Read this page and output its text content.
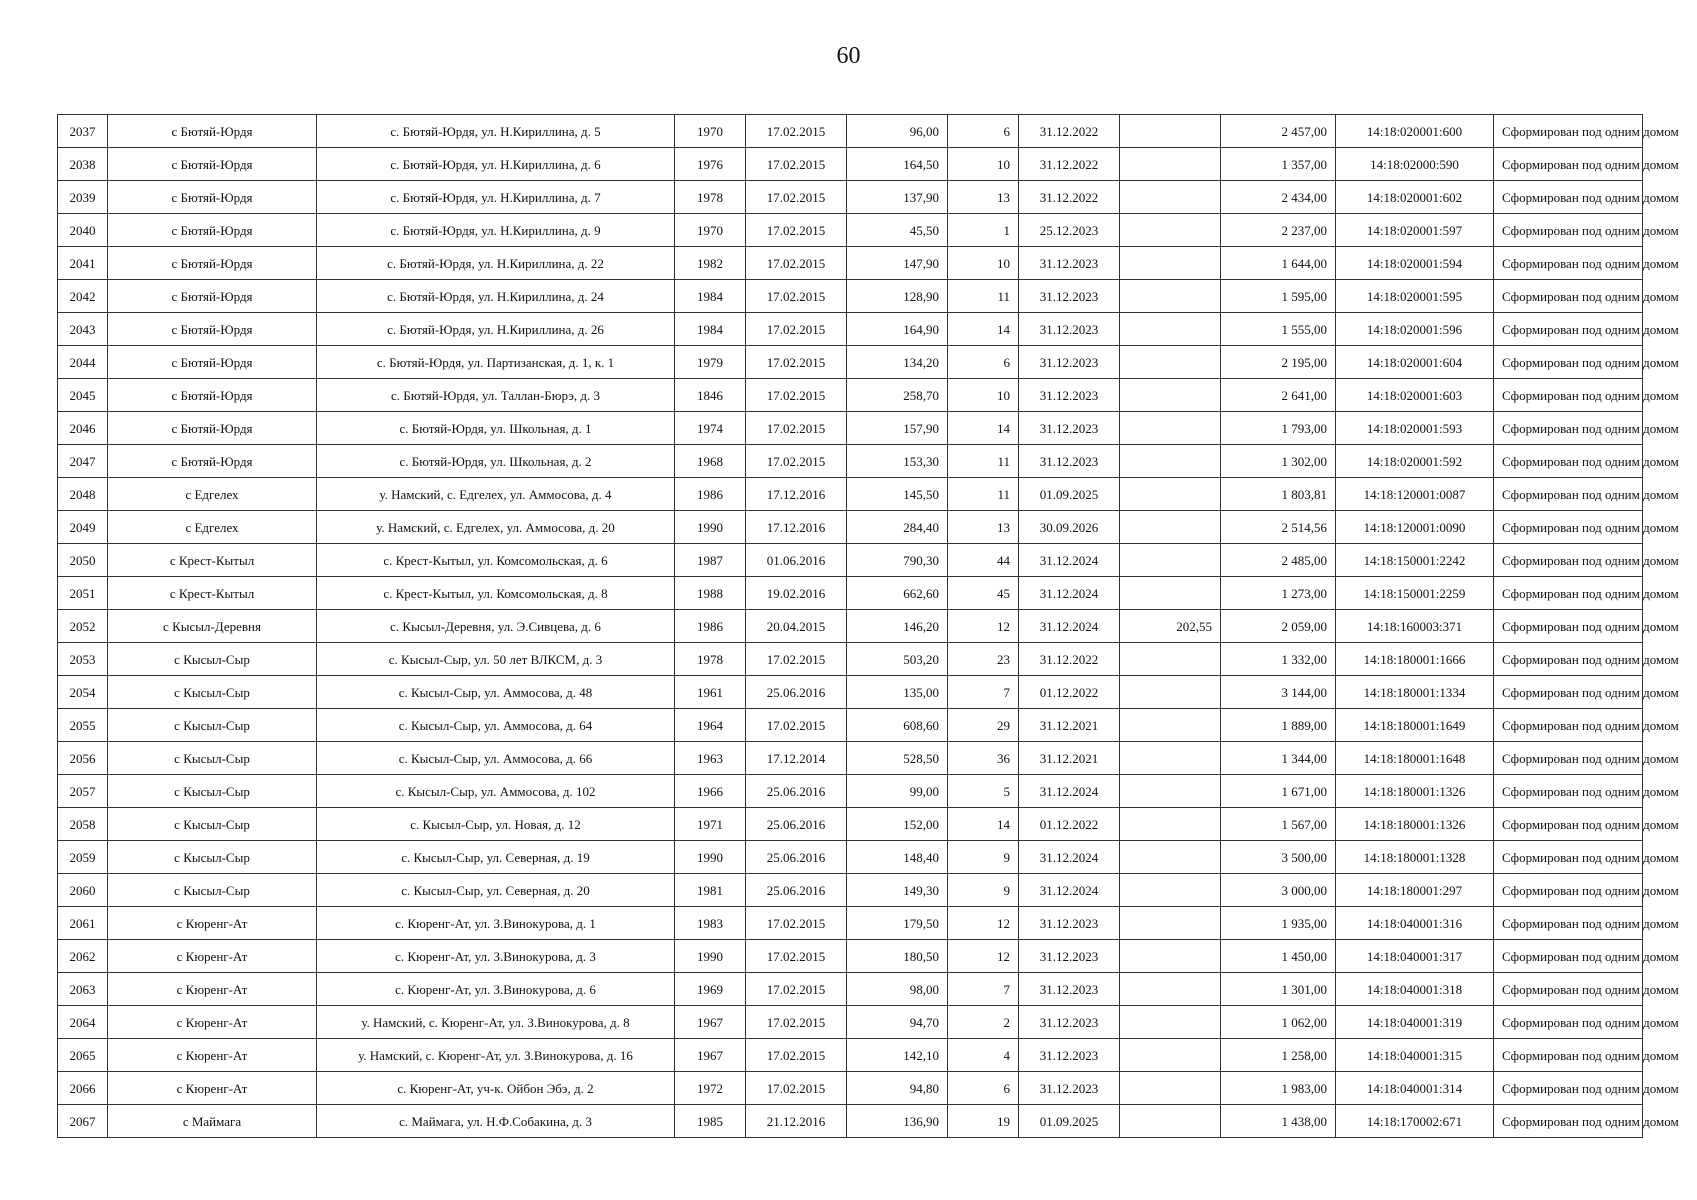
60
2037	с Бютяй-Юрдя	с. Бютяй-Юрдя, ул. Н.Кириллина, д. 5	1970	17.02.2015	96,00	6	31.12.2022		2 457,00	14:18:020001:600	Сформирован под одним домом
2038	с Бютяй-Юрдя	с. Бютяй-Юрдя, ул. Н.Кириллина, д. 6	1976	17.02.2015	164,50	10	31.12.2022		1 357,00	14:18:02000:590	Сформирован под одним домом
2039	с Бютяй-Юрдя	с. Бютяй-Юрдя, ул. Н.Кириллина, д. 7	1978	17.02.2015	137,90	13	31.12.2022		2 434,00	14:18:020001:602	Сформирован под одним домом
2040	с Бютяй-Юрдя	с. Бютяй-Юрдя, ул. Н.Кириллина, д. 9	1970	17.02.2015	45,50	1	25.12.2023		2 237,00	14:18:020001:597	Сформирован под одним домом
2041	с Бютяй-Юрдя	с. Бютяй-Юрдя, ул. Н.Кириллина, д. 22	1982	17.02.2015	147,90	10	31.12.2023		1 644,00	14:18:020001:594	Сформирован под одним домом
2042	с Бютяй-Юрдя	с. Бютяй-Юрдя, ул. Н.Кириллина, д. 24	1984	17.02.2015	128,90	11	31.12.2023		1 595,00	14:18:020001:595	Сформирован под одним домом
2043	с Бютяй-Юрдя	с. Бютяй-Юрдя, ул. Н.Кириллина, д. 26	1984	17.02.2015	164,90	14	31.12.2023		1 555,00	14:18:020001:596	Сформирован под одним домом
2044	с Бютяй-Юрдя	с. Бютяй-Юрдя, ул. Партизанская, д. 1, к. 1	1979	17.02.2015	134,20	6	31.12.2023		2 195,00	14:18:020001:604	Сформирован под одним домом
2045	с Бютяй-Юрдя	с. Бютяй-Юрдя, ул. Таллан-Бюрэ, д. 3	1846	17.02.2015	258,70	10	31.12.2023		2 641,00	14:18:020001:603	Сформирован под одним домом
2046	с Бютяй-Юрдя	с. Бютяй-Юрдя, ул. Школьная, д. 1	1974	17.02.2015	157,90	14	31.12.2023		1 793,00	14:18:020001:593	Сформирован под одним домом
2047	с Бютяй-Юрдя	с. Бютяй-Юрдя, ул. Школьная, д. 2	1968	17.02.2015	153,30	11	31.12.2023		1 302,00	14:18:020001:592	Сформирован под одним домом
2048	с Едгелех	у. Намский, с. Едгелех, ул. Аммосова, д. 4	1986	17.12.2016	145,50	11	01.09.2025		1 803,81	14:18:120001:0087	Сформирован под одним домом
2049	с Едгелех	у. Намский, с. Едгелех, ул. Аммосова, д. 20	1990	17.12.2016	284,40	13	30.09.2026		2 514,56	14:18:120001:0090	Сформирован под одним домом
2050	с Крест-Кытыл	с. Крест-Кытыл, ул. Комсомольская, д. 6	1987	01.06.2016	790,30	44	31.12.2024		2 485,00	14:18:150001:2242	Сформирован под одним домом
2051	с Крест-Кытыл	с. Крест-Кытыл, ул. Комсомольская, д. 8	1988	19.02.2016	662,60	45	31.12.2024		1 273,00	14:18:150001:2259	Сформирован под одним домом
2052	с Кысыл-Деревня	с. Кысыл-Деревня, ул. Э.Сивцева, д. 6	1986	20.04.2015	146,20	12	31.12.2024	202,55	2 059,00	14:18:160003:371	Сформирован под одним домом
2053	с Кысыл-Сыр	с. Кысыл-Сыр, ул. 50 лет ВЛКСМ, д. 3	1978	17.02.2015	503,20	23	31.12.2022		1 332,00	14:18:180001:1666	Сформирован под одним домом
2054	с Кысыл-Сыр	с. Кысыл-Сыр, ул. Аммосова, д. 48	1961	25.06.2016	135,00	7	01.12.2022		3 144,00	14:18:180001:1334	Сформирован под одним домом
2055	с Кысыл-Сыр	с. Кысыл-Сыр, ул. Аммосова, д. 64	1964	17.02.2015	608,60	29	31.12.2021		1 889,00	14:18:180001:1649	Сформирован под одним домом
2056	с Кысыл-Сыр	с. Кысыл-Сыр, ул. Аммосова, д. 66	1963	17.12.2014	528,50	36	31.12.2021		1 344,00	14:18:180001:1648	Сформирован под одним домом
2057	с Кысыл-Сыр	с. Кысыл-Сыр, ул. Аммосова, д. 102	1966	25.06.2016	99,00	5	31.12.2024		1 671,00	14:18:180001:1326	Сформирован под одним домом
2058	с Кысыл-Сыр	с. Кысыл-Сыр, ул. Новая, д. 12	1971	25.06.2016	152,00	14	01.12.2022		1 567,00	14:18:180001:1326	Сформирован под одним домом
2059	с Кысыл-Сыр	с. Кысыл-Сыр, ул. Северная, д. 19	1990	25.06.2016	148,40	9	31.12.2024		3 500,00	14:18:180001:1328	Сформирован под одним домом
2060	с Кысыл-Сыр	с. Кысыл-Сыр, ул. Северная, д. 20	1981	25.06.2016	149,30	9	31.12.2024		3 000,00	14:18:180001:297	Сформирован под одним домом
2061	с Кюренг-Ат	с. Кюренг-Ат, ул. З.Винокурова, д. 1	1983	17.02.2015	179,50	12	31.12.2023		1 935,00	14:18:040001:316	Сформирован под одним домом
2062	с Кюренг-Ат	с. Кюренг-Ат, ул. З.Винокурова, д. 3	1990	17.02.2015	180,50	12	31.12.2023		1 450,00	14:18:040001:317	Сформирован под одним домом
2063	с Кюренг-Ат	с. Кюренг-Ат, ул. З.Винокурова, д. 6	1969	17.02.2015	98,00	7	31.12.2023		1 301,00	14:18:040001:318	Сформирован под одним домом
2064	с Кюренг-Ат	у. Намский, с. Кюренг-Ат, ул. З.Винокурова, д. 8	1967	17.02.2015	94,70	2	31.12.2023		1 062,00	14:18:040001:319	Сформирован под одним домом
2065	с Кюренг-Ат	у. Намский, с. Кюренг-Ат, ул. З.Винокурова, д. 16	1967	17.02.2015	142,10	4	31.12.2023		1 258,00	14:18:040001:315	Сформирован под одним домом
2066	с Кюренг-Ат	с. Кюренг-Ат, уч-к. Ойбон Эбэ, д. 2	1972	17.02.2015	94,80	6	31.12.2023		1 983,00	14:18:040001:314	Сформирован под одним домом
2067	с Маймага	с. Маймага, ул. Н.Ф.Собакина, д. 3	1985	21.12.2016	136,90	19	01.09.2025		1 438,00	14:18:170002:671	Сформирован под одним домом
